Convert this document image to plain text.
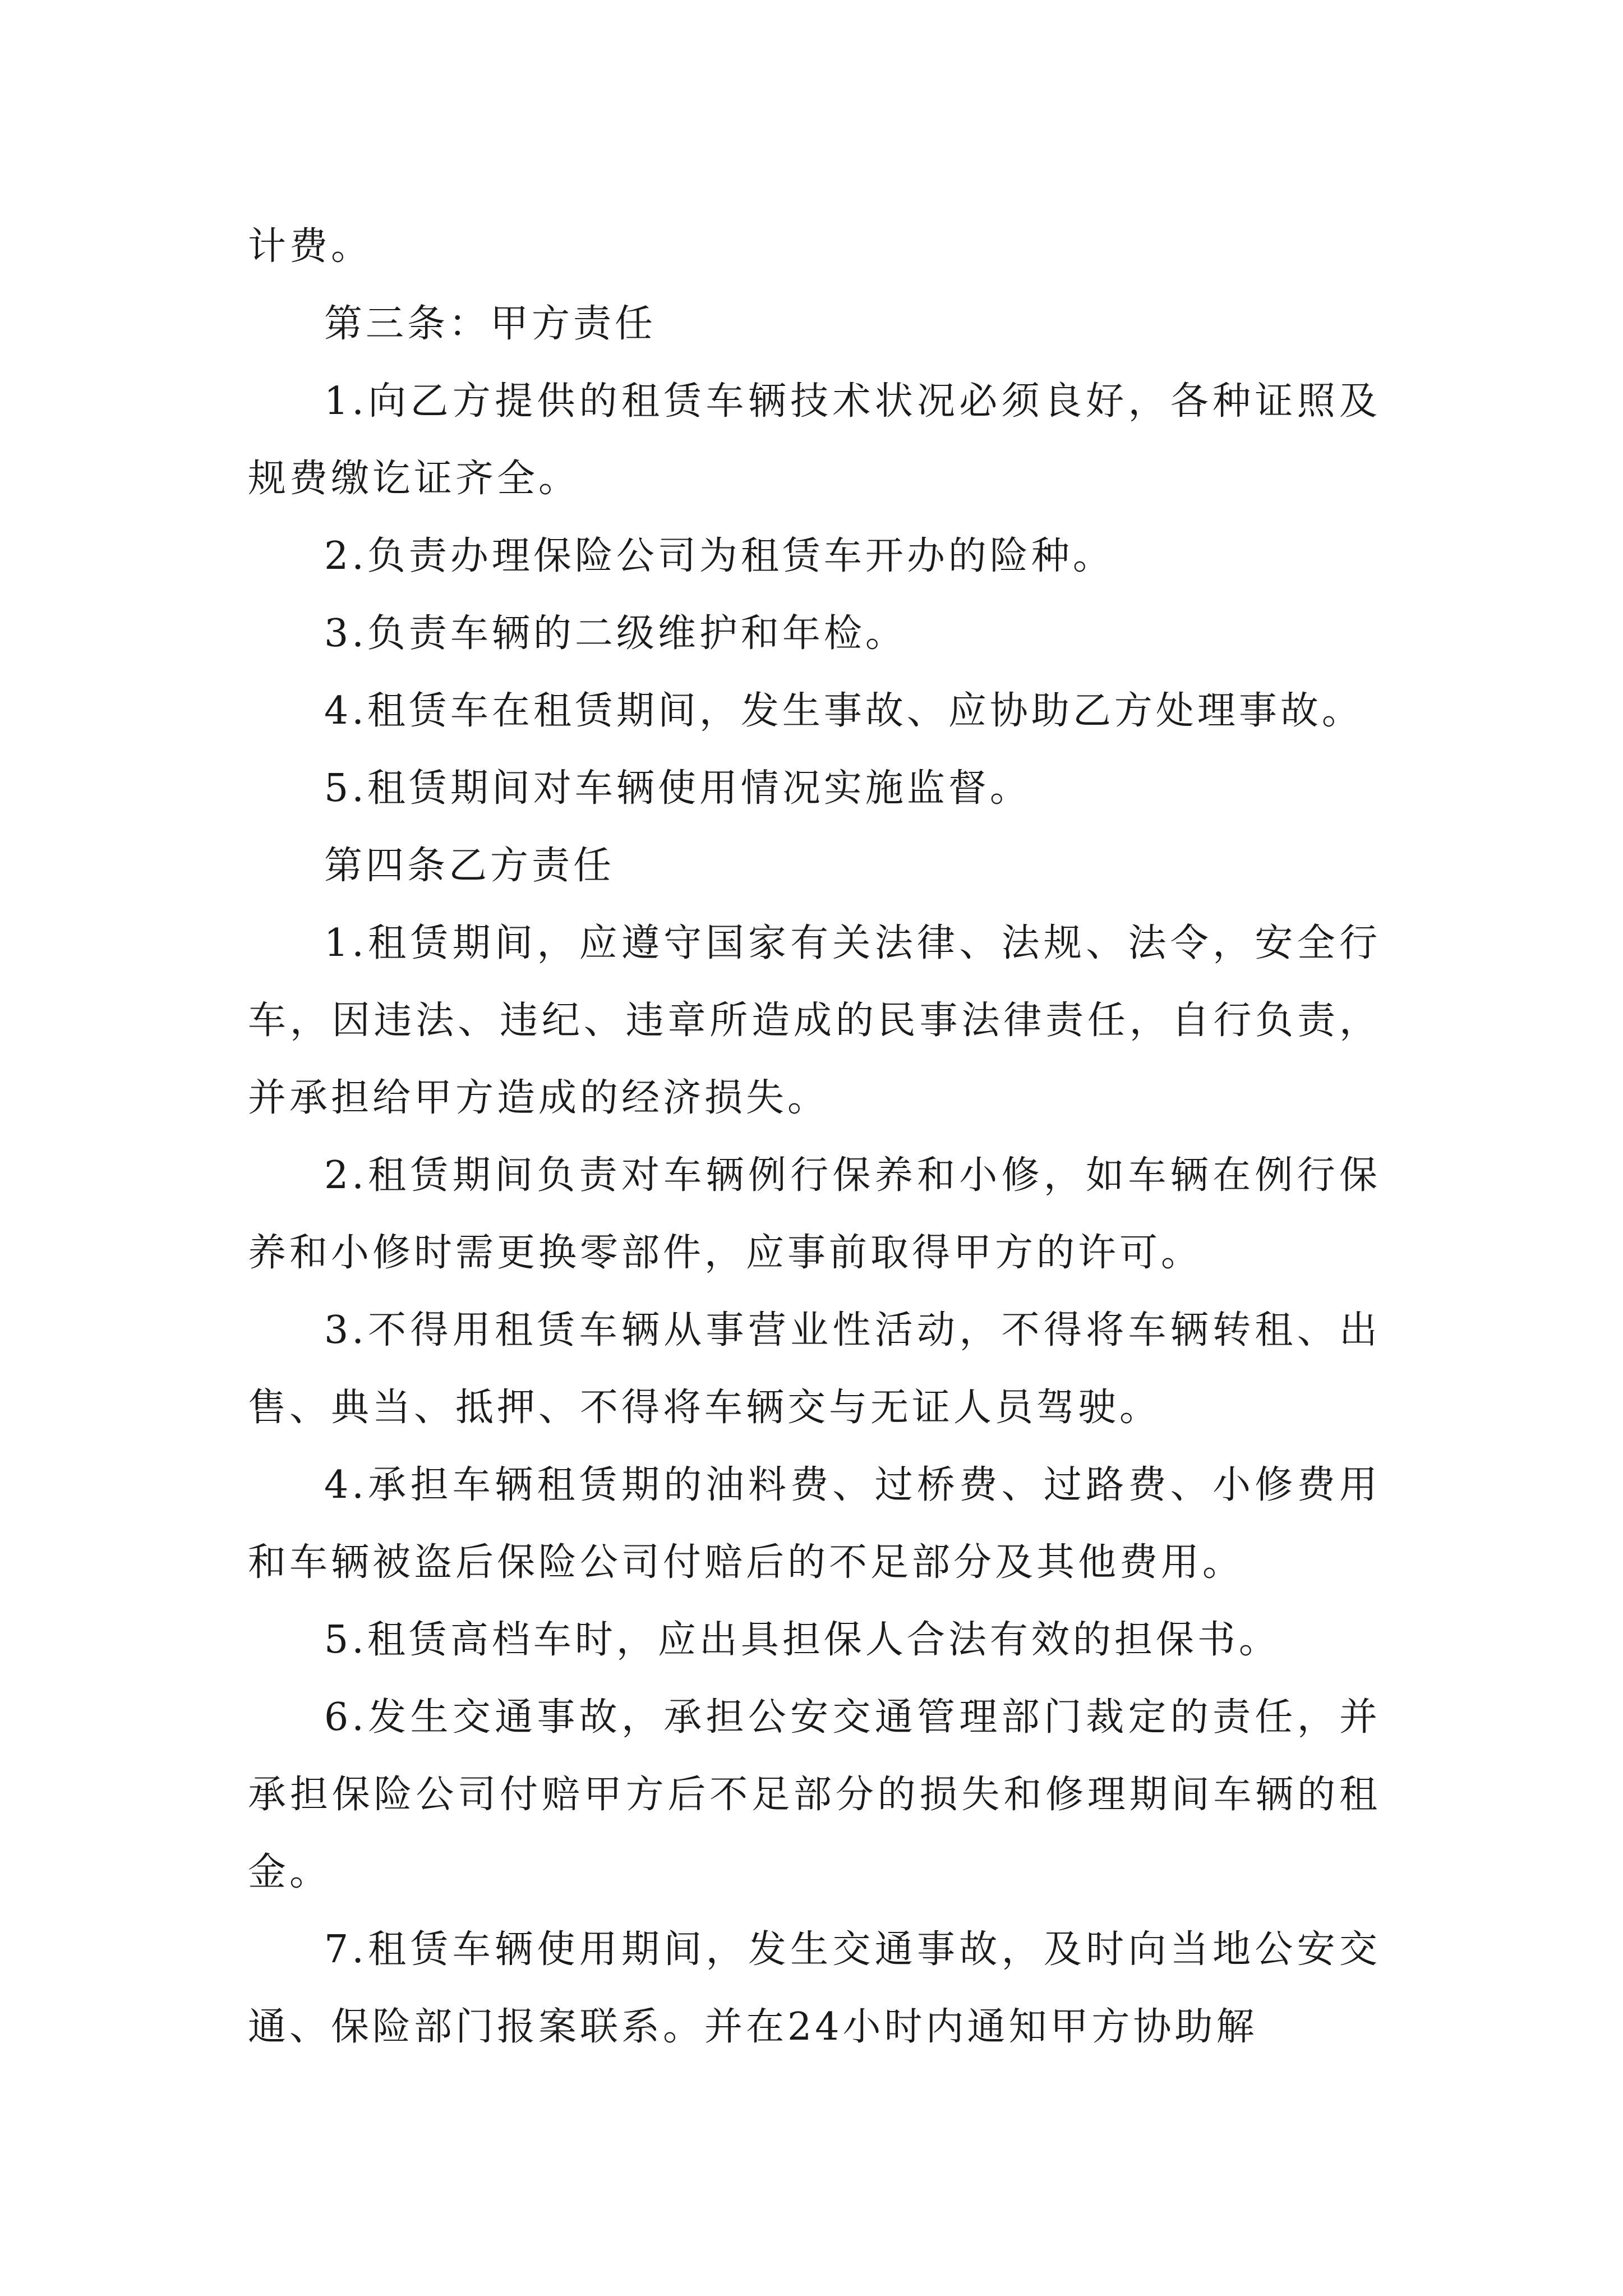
计费。

第三条：甲方责任

1.向乙方提供的租赁车辆技术状况必须良好，各种证照及规费缴讫证齐全。

2.负责办理保险公司为租赁车开办的险种。

3.负责车辆的二级维护和年检。

4.租赁车在租赁期间，发生事故、应协助乙方处理事故。

5.租赁期间对车辆使用情况实施监督。

第四条乙方责任

1.租赁期间，应遵守国家有关法律、法规、法令，安全行车，因违法、违纪、违章所造成的民事法律责任，自行负责，并承担给甲方造成的经济损失。

2.租赁期间负责对车辆例行保养和小修，如车辆在例行保养和小修时需更换零部件，应事前取得甲方的许可。

3.不得用租赁车辆从事营业性活动，不得将车辆转租、出售、典当、抵押、不得将车辆交与无证人员驾驶。

4.承担车辆租赁期的油料费、过桥费、过路费、小修费用和车辆被盗后保险公司付赔后的不足部分及其他费用。

5.租赁高档车时，应出具担保人合法有效的担保书。

6.发生交通事故，承担公安交通管理部门裁定的责任，并承担保险公司付赔甲方后不足部分的损失和修理期间车辆的租金。

7.租赁车辆使用期间，发生交通事故，及时向当地公安交通、保险部门报案联系。并在24小时内通知甲方协助解
